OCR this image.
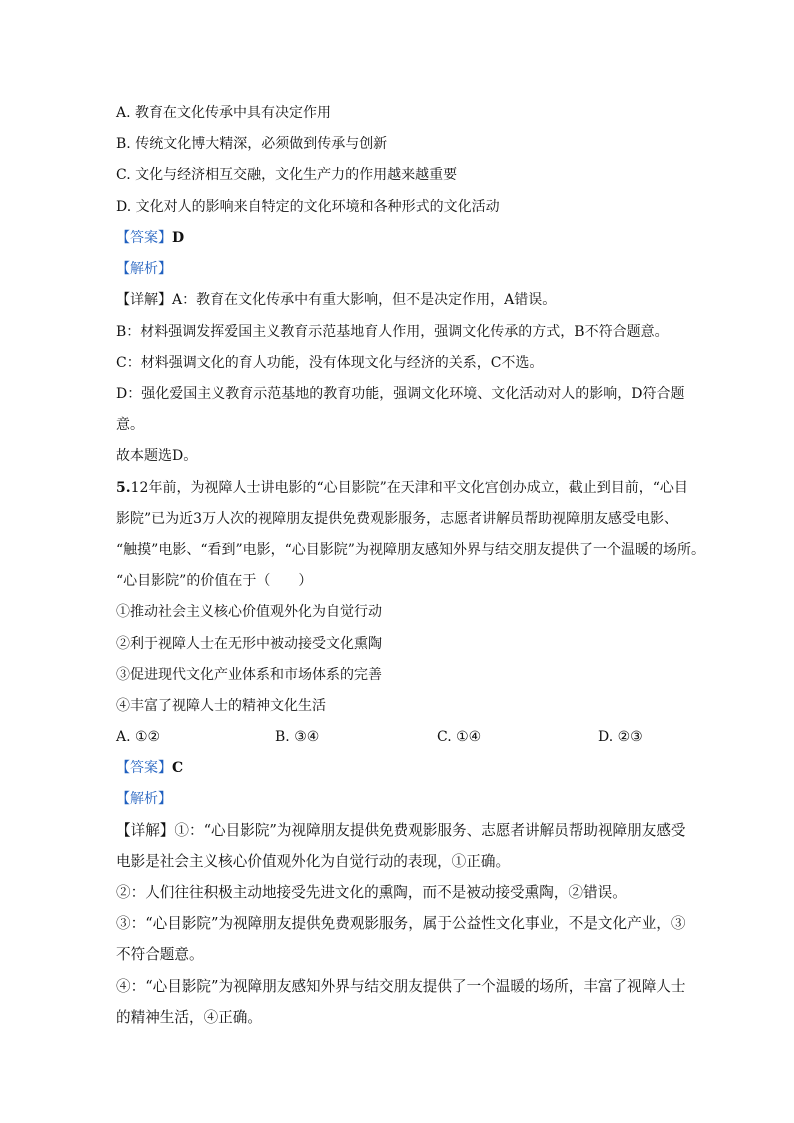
A. 教育在文化传承中具有决定作用
B. 传统文化博大精深，必须做到传承与创新
C. 文化与经济相互交融，文化生产力的作用越来越重要
D. 文化对人的影响来自特定的文化环境和各种形式的文化活动
【答案】D
【解析】
【详解】A：教育在文化传承中有重大影响，但不是决定作用，A错误。
B：材料强调发挥爱国主义教育示范基地育人作用，强调文化传承的方式，B不符合题意。
C：材料强调文化的育人功能，没有体现文化与经济的关系，C不选。
D：强化爱国主义教育示范基地的教育功能，强调文化环境、文化活动对人的影响，D符合题
意。
故本题选D。
5.12年前，为视障人士讲电影的“心目影院”在天津和平文化宫创办成立，截止到目前，“心目
影院”已为近3万人次的视障朋友提供免费观影服务，志愿者讲解员帮助视障朋友感受电影、
“触摸”电影、“看到”电影，“心目影院”为视障朋友感知外界与结交朋友提供了一个温暖的场所。
“心目影院”的价值在于（　　）
①推动社会主义核心价值观外化为自觉行动
②利于视障人士在无形中被动接受文化熏陶
③促进现代文化产业体系和市场体系的完善
④丰富了视障人士的精神文化生活
A. ①②	B. ③④	C. ①④	D. ②③
【答案】C
【解析】
【详解】①：“心目影院”为视障朋友提供免费观影服务、志愿者讲解员帮助视障朋友感受
电影是社会主义核心价值观外化为自觉行动的表现，①正确。
②：人们往往积极主动地接受先进文化的熏陶，而不是被动接受熏陶，②错误。
③：“心目影院”为视障朋友提供免费观影服务，属于公益性文化事业，不是文化产业，③
不符合题意。
④：“心目影院”为视障朋友感知外界与结交朋友提供了一个温暖的场所，丰富了视障人士
的精神生活，④正确。
